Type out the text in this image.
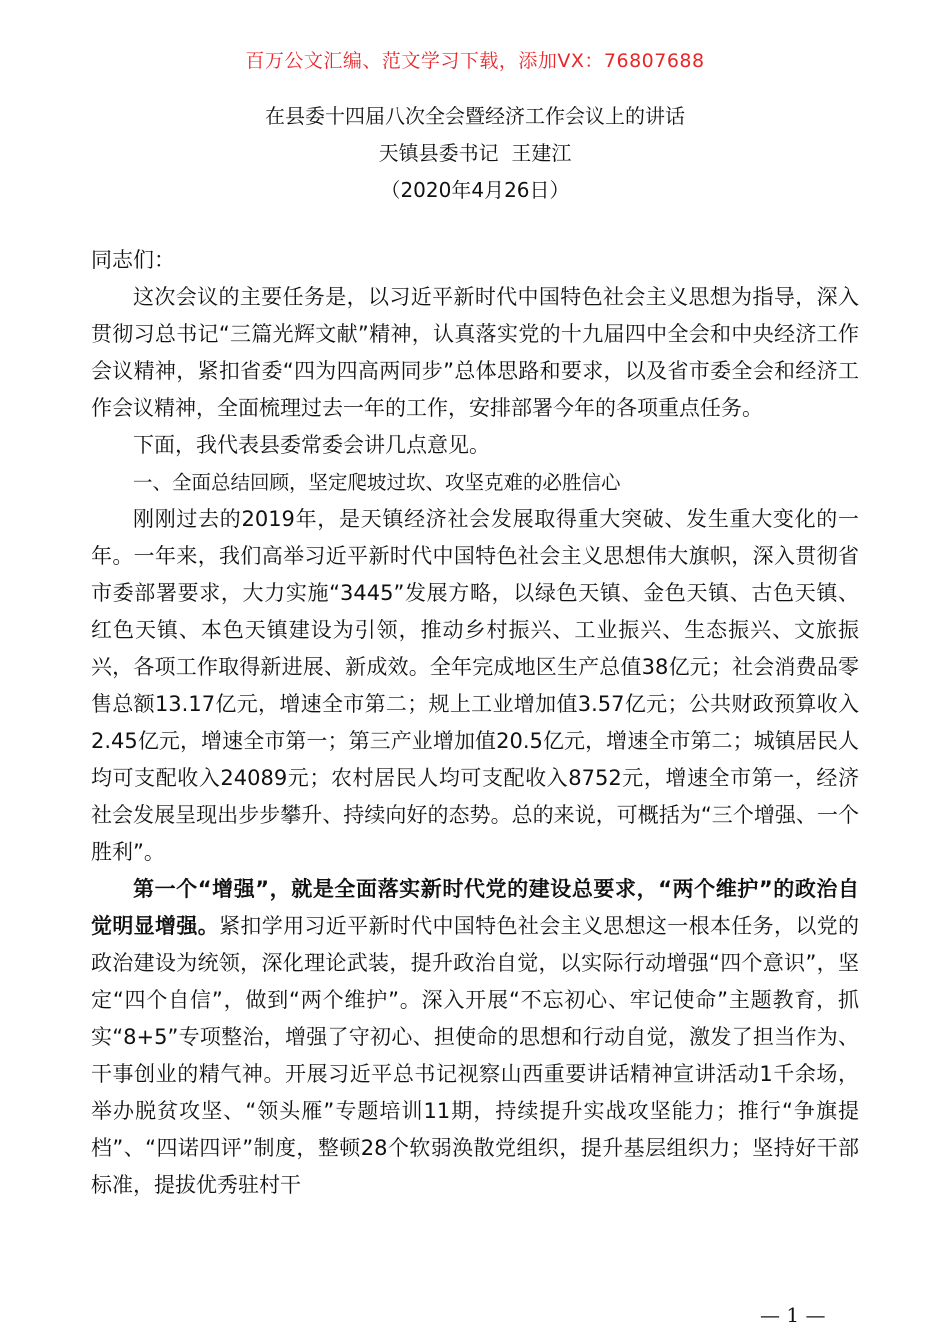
百万公文汇编、范文学习下载，添加VX：76807688
在县委十四届八次全会暨经济工作会议上的讲话
天镇县委书记  王建江
（2020年4月26日）

同志们：

这次会议的主要任务是，以习近平新时代中国特色社会主义思想为指导，深入贯彻习总书记“三篇光辉文献”精神，认真落实党的十九届四中全会和中央经济工作会议精神，紧扣省委“四为四高两同步”总体思路和要求，以及省市委全会和经济工作会议精神，全面梳理过去一年的工作，安排部署今年的各项重点任务。

下面，我代表县委常委会讲几点意见。

一、全面总结回顾，坚定爬坡过坎、攻坚克难的必胜信心

刚刚过去的2019年，是天镇经济社会发展取得重大突破、发生重大变化的一年。一年来，我们高举习近平新时代中国特色社会主义思想伟大旗帜，深入贯彻省市委部署要求，大力实施“3445”发展方略，以绿色天镇、金色天镇、古色天镇、红色天镇、本色天镇建设为引领，推动乡村振兴、工业振兴、生态振兴、文旅振兴，各项工作取得新进展、新成效。全年完成地区生产总值38亿元；社会消费品零售总额13.17亿元，增速全市第二；规上工业增加值3.57亿元；公共财政预算收入2.45亿元，增速全市第一；第三产业增加值20.5亿元，增速全市第二；城镇居民人均可支配收入24089元；农村居民人均可支配收入8752元，增速全市第一，经济社会发展呈现出步步攀升、持续向好的态势。总的来说，可概括为“三个增强、一个胜利”。

第一个“增强”，就是全面落实新时代党的建设总要求，“两个维护”的政治自觉明显增强。紧扣学用习近平新时代中国特色社会主义思想这一根本任务，以党的政治建设为统领，深化理论武装，提升政治自觉，以实际行动增强“四个意识”，坚定“四个自信”，做到“两个维护”。深入开展“不忘初心、牢记使命”主题教育，抓实“8+5”专项整治，增强了守初心、担使命的思想和行动自觉，激发了担当作为、干事创业的精气神。开展习近平总书记视察山西重要讲话精神宣讲活动1千余场，举办脱贫攻坚、“领头雁”专题培训11期，持续提升实战攻坚能力；推行“争旗提档”、“四诺四评”制度，整顿28个软弱涣散党组织，提升基层组织力；坚持好干部标准，提拔优秀驻村干

— 1 —
